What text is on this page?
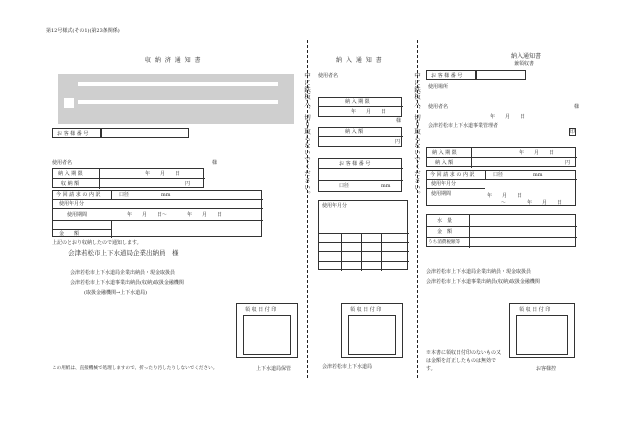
第12号様式(その1)(第23条関係)
収 納 済 通 知 書
お 客 様 番 号
使用者名	様
納 入 期 限	年　　月　　日
収 納 額	円
今 回 請 求 の 内 訳	口径	mm
使用年月分
使用期間	年　　月　　日〜　　　　年　　月　　日
金　　額
上記のとおり収納したので通知します。
会津若松市上下水道局企業出納員　様
会津若松市上下水道局企業出納員・現金取扱員
会津若松市上下水道事業出納員(収納)取扱金融機関
(取扱金融機関→上下水道局)
領 収 日 付 印
この用紙は、直接機械で処理しますので、折ったり汚したりしないでください。	上下水道局保管
納 入 通 知 書
使用者名
様
中に鉄板入、切り取らないでください。	納 入 期 限
年　　月　　日
納 入 額
円
お 客 様 番 号
口径	mm
使用年月分
領 収 日 付 印
会津若松市上下水道局
納入通知書
兼領収書
中に鉄板入、切り取らないでください。 お 客 様 番 号
使用場所
使用者名	様
年　　月　　日
会津若松市上下水道事業管理者
印
納 入 期 限	年　　月　　日
納 入 額	円
今 回 請 求 の 内 訳	口径	mm
使用年月分
使用期間	年　　月　　日
〜	年　　月　　日
水　量
金　額
うち消費税額等
会津若松市上下水道局企業出納員・現金取扱員
会津若松市上下水道事業出納員(収納)取扱金融機関
領 収 日 付 印
※本書に領収日付印のないもの又
は金額を訂正したものは無効で
す。	お客様控
